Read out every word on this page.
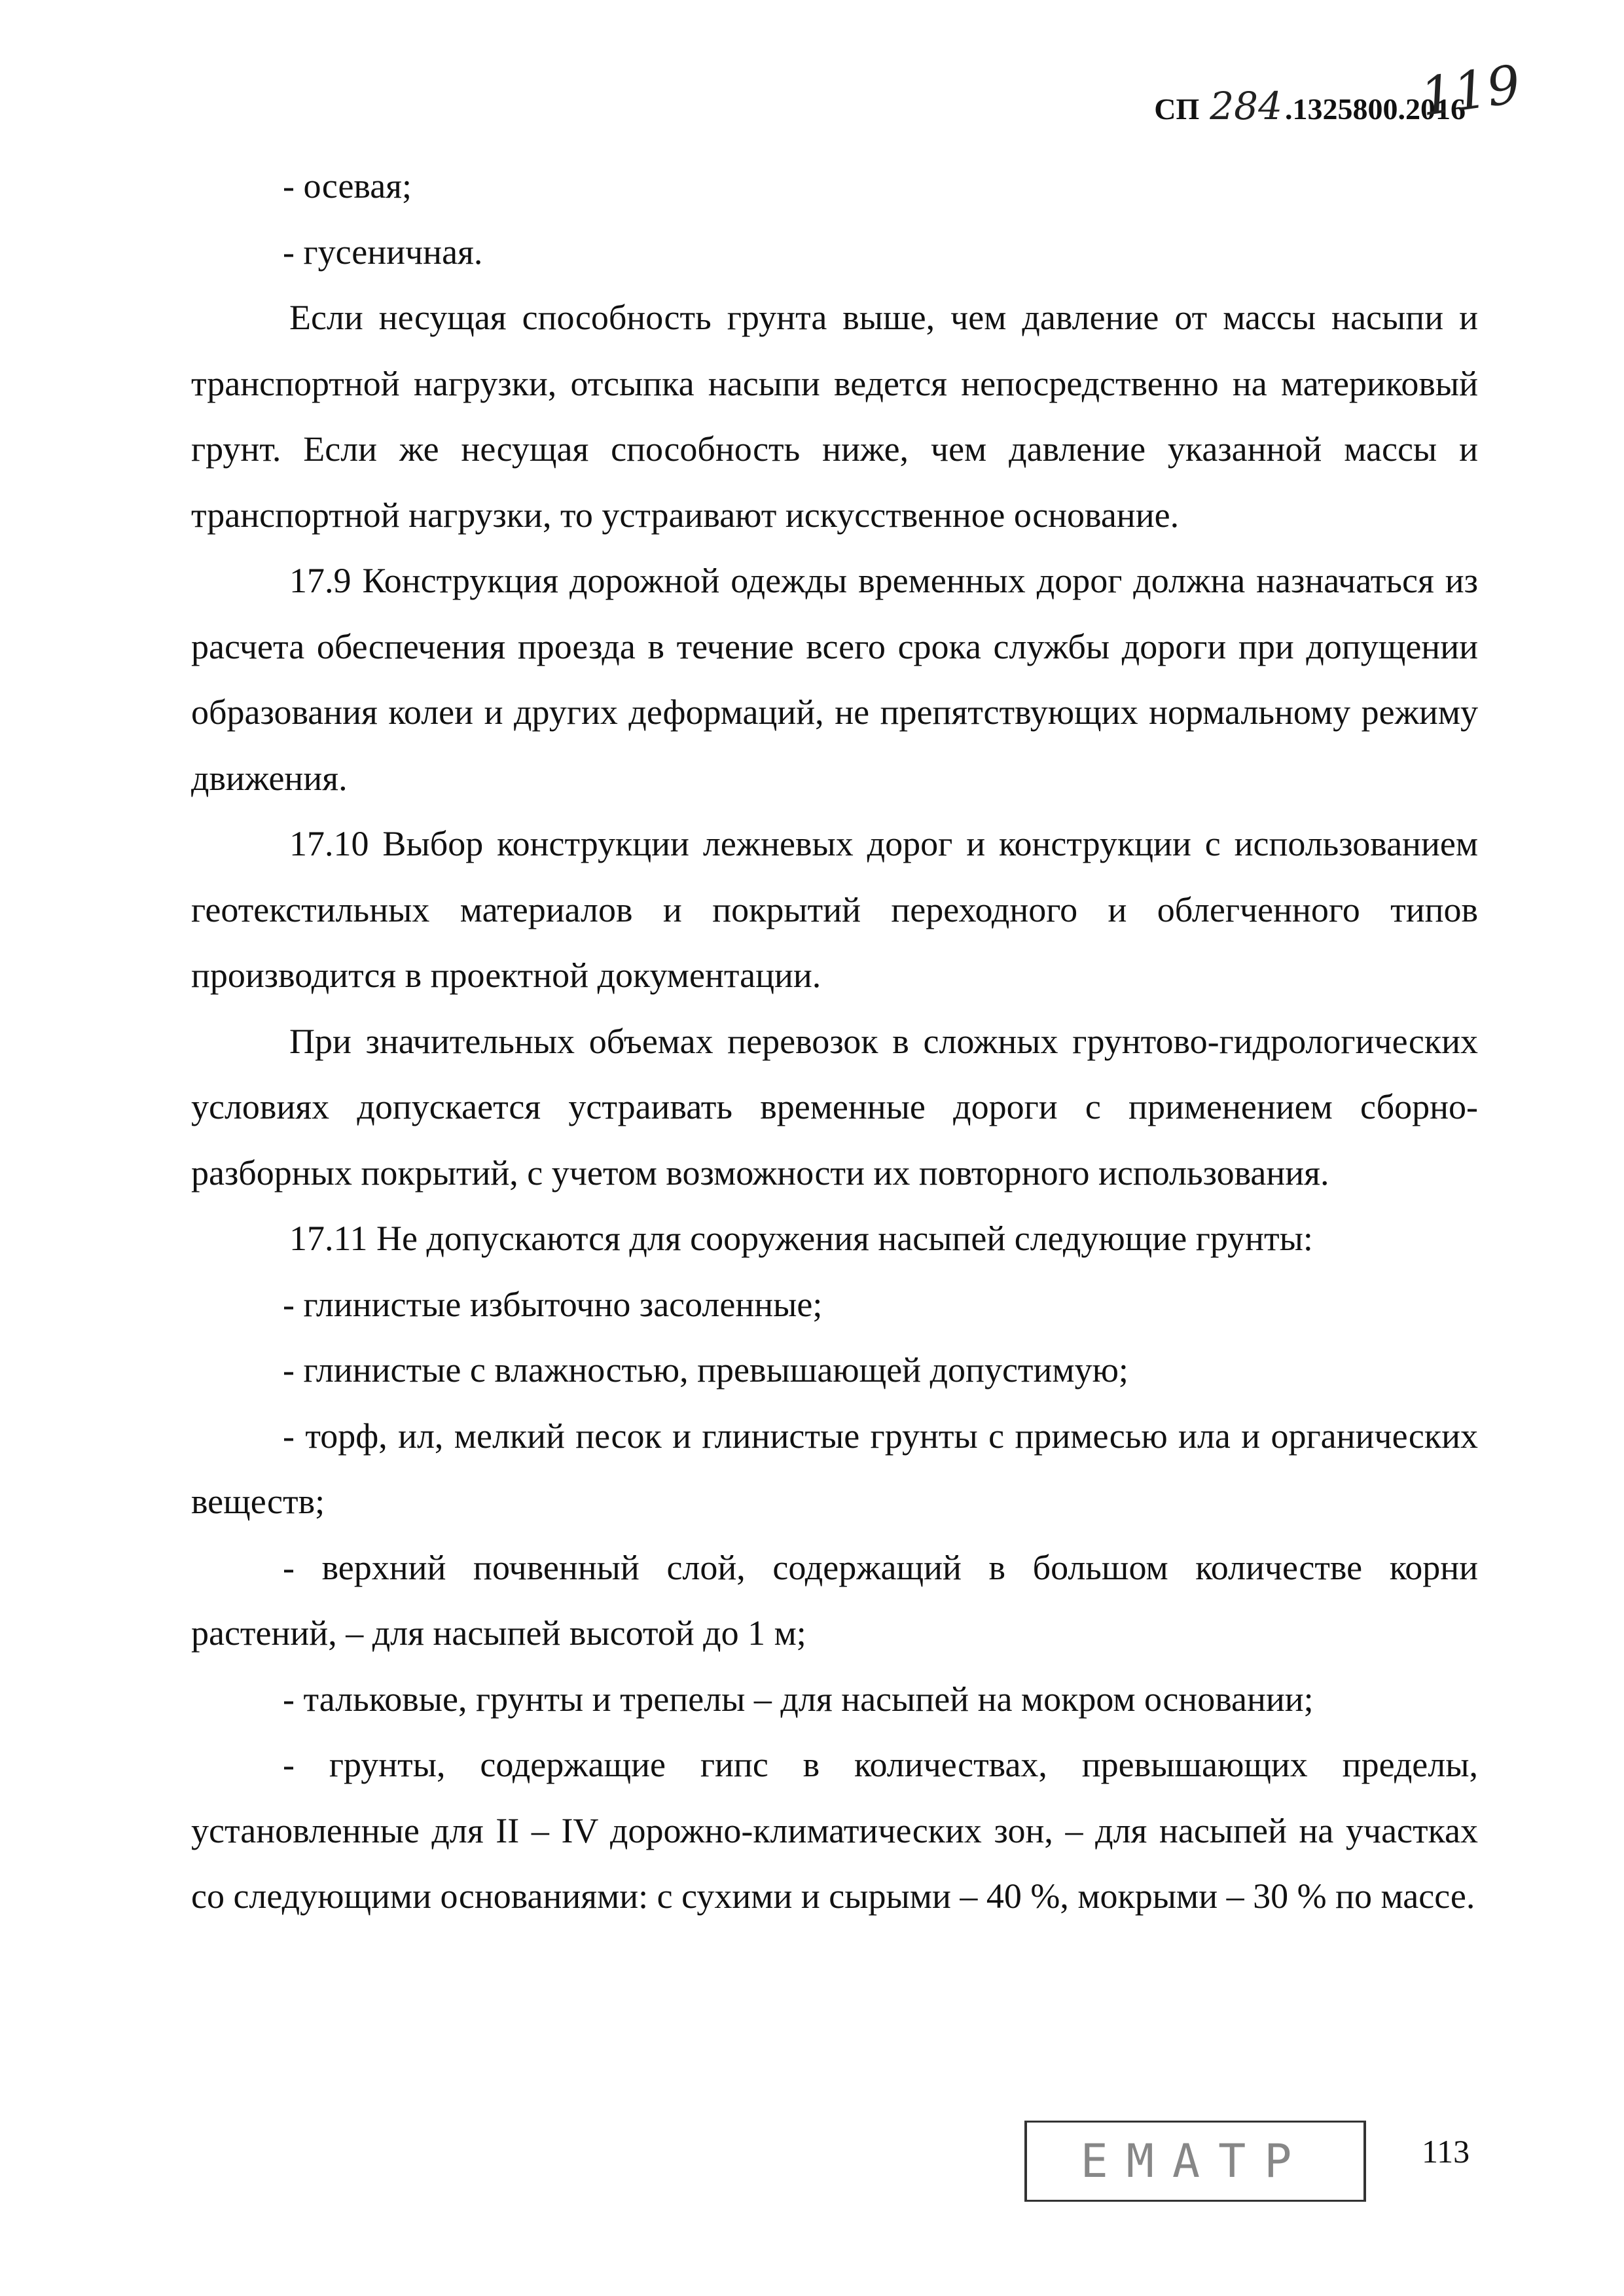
СП 284 .1325800.2016
119

- осевая;

- гусеничная.

Если несущая способность грунта выше, чем давление от массы насыпи и транспортной нагрузки, отсыпка насыпи ведется непосредственно на материковый грунт. Если же несущая способность ниже, чем давление указанной массы и транспортной нагрузки, то устраивают искусственное основание.

17.9 Конструкция дорожной одежды временных дорог должна назначаться из расчета обеспечения проезда в течение всего срока службы дороги при допущении образования колеи и других деформаций, не препятствующих нормальному режиму движения.

17.10 Выбор конструкции лежневых дорог и конструкции с использованием геотекстильных материалов и покрытий переходного и облегченного типов производится в проектной документации.

При значительных объемах перевозок в сложных грунтово-гидрологических условиях допускается устраивать временные дороги с применением сборно-разборных покрытий, с учетом возможности их повторного использования.

17.11 Не допускаются для сооружения насыпей следующие грунты:

- глинистые избыточно засоленные;

- глинистые с влажностью, превышающей допустимую;

- торф, ил, мелкий песок и глинистые грунты с примесью ила и органических веществ;

- верхний почвенный слой, содержащий в большом количестве корни растений, – для насыпей высотой до 1 м;

- тальковые, грунты и трепелы – для насыпей на мокром основании;

- грунты, содержащие гипс в количествах, превышающих пределы, установленные для II – IV дорожно-климатических зон, – для насыпей на участках со следующими основаниями: с сухими и сырыми – 40 %, мокрыми – 30 % по массе.

ЕМАТР	113
